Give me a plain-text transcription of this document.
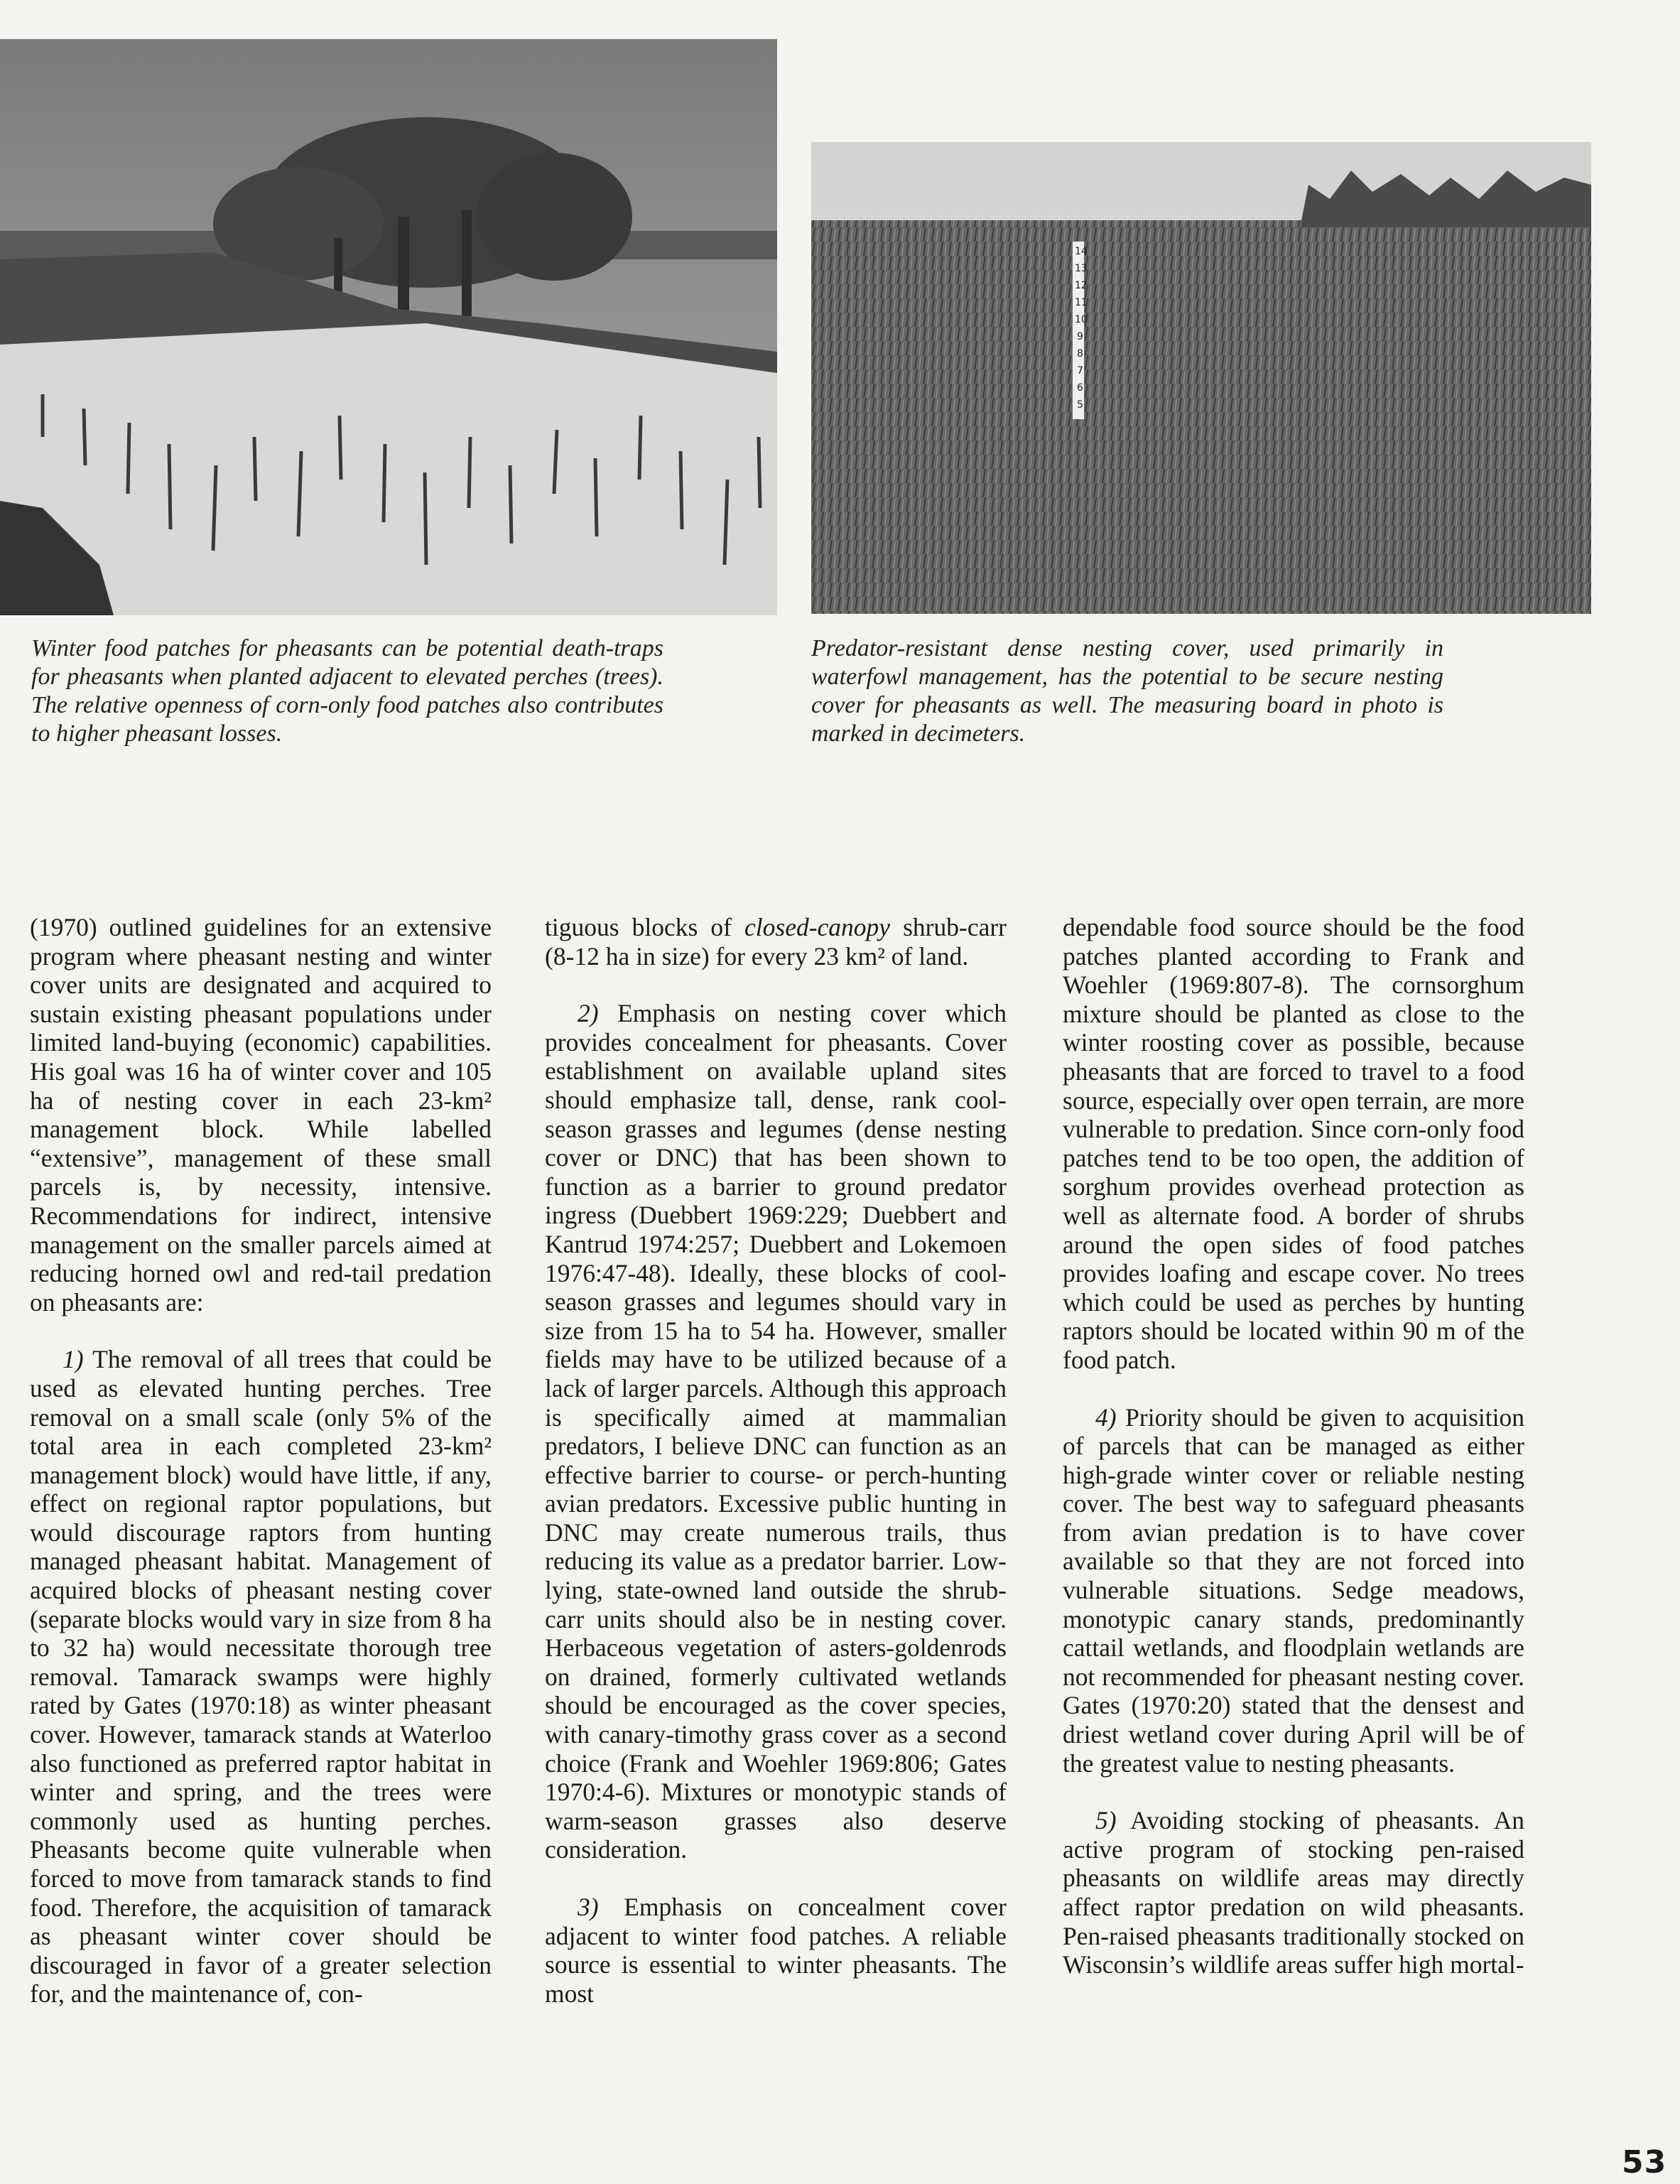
14
13
12
11
10
9
8
7
6
5
Winter food patches for pheasants can be potential death-traps for pheasants when planted adjacent to elevated perches (trees). The relative openness of corn-only food patches also contributes to higher pheasant losses.
Predator-resistant dense nesting cover, used primarily in waterfowl management, has the potential to be secure nesting cover for pheasants as well. The measuring board in photo is marked in decimeters.

(1970) outlined guidelines for an extensive program where pheasant nesting and winter cover units are designated and acquired to sustain existing pheasant populations under limited land-buying (economic) capabilities. His goal was 16 ha of winter cover and 105 ha of nesting cover in each 23-km² management block. While labelled “extensive”, management of these small parcels is, by necessity, intensive. Recommendations for indirect, intensive management on the smaller parcels aimed at reducing horned owl and red-tail predation on pheasants are:

1) The removal of all trees that could be used as elevated hunting perches. Tree removal on a small scale (only 5% of the total area in each completed 23-km² management block) would have little, if any, effect on regional raptor populations, but would discourage raptors from hunting managed pheasant habitat. Management of acquired blocks of pheasant nesting cover (separate blocks would vary in size from 8 ha to 32 ha) would necessitate thorough tree removal. Tamarack swamps were highly rated by Gates (1970:18) as winter pheasant cover. However, tamarack stands at Waterloo also functioned as preferred raptor habitat in winter and spring, and the trees were commonly used as hunting perches. Pheasants become quite vulnerable when forced to move from tamarack stands to find food. Therefore, the acquisition of tamarack as pheasant winter cover should be discouraged in favor of a greater selection for, and the maintenance of, con-

tiguous blocks of closed-canopy shrub-carr (8-12 ha in size) for every 23 km² of land.

2) Emphasis on nesting cover which provides concealment for pheasants. Cover establishment on available upland sites should emphasize tall, dense, rank cool-season grasses and legumes (dense nesting cover or DNC) that has been shown to function as a barrier to ground predator ingress (Duebbert 1969:229; Duebbert and Kantrud 1974:257; Duebbert and Lokemoen 1976:47-48). Ideally, these blocks of cool-season grasses and legumes should vary in size from 15 ha to 54 ha. However, smaller fields may have to be utilized because of a lack of larger parcels. Although this approach is specifically aimed at mammalian predators, I believe DNC can function as an effective barrier to course- or perch-hunting avian predators. Excessive public hunting in DNC may create numerous trails, thus reducing its value as a predator barrier. Low-lying, state-owned land outside the shrub-carr units should also be in nesting cover. Herbaceous vegetation of asters-goldenrods on drained, formerly cultivated wetlands should be encouraged as the cover species, with canary-timothy grass cover as a second choice (Frank and Woehler 1969:806; Gates 1970:4-6). Mixtures or monotypic stands of warm-season grasses also deserve consideration.

3) Emphasis on concealment cover adjacent to winter food patches. A reliable source is essential to winter pheasants. The most

dependable food source should be the food patches planted according to Frank and Woehler (1969:807-8). The cornsorghum mixture should be planted as close to the winter roosting cover as possible, because pheasants that are forced to travel to a food source, especially over open terrain, are more vulnerable to predation. Since corn-only food patches tend to be too open, the addition of sorghum provides overhead protection as well as alternate food. A border of shrubs around the open sides of food patches provides loafing and escape cover. No trees which could be used as perches by hunting raptors should be located within 90 m of the food patch.

4) Priority should be given to acquisition of parcels that can be managed as either high-grade winter cover or reliable nesting cover. The best way to safeguard pheasants from avian predation is to have cover available so that they are not forced into vulnerable situations. Sedge meadows, monotypic canary stands, predominantly cattail wetlands, and floodplain wetlands are not recommended for pheasant nesting cover. Gates (1970:20) stated that the densest and driest wetland cover during April will be of the greatest value to nesting pheasants.

5) Avoiding stocking of pheasants. An active program of stocking pen-raised pheasants on wildlife areas may directly affect raptor predation on wild pheasants. Pen-raised pheasants traditionally stocked on Wisconsin’s wildlife areas suffer high mortal-

53
